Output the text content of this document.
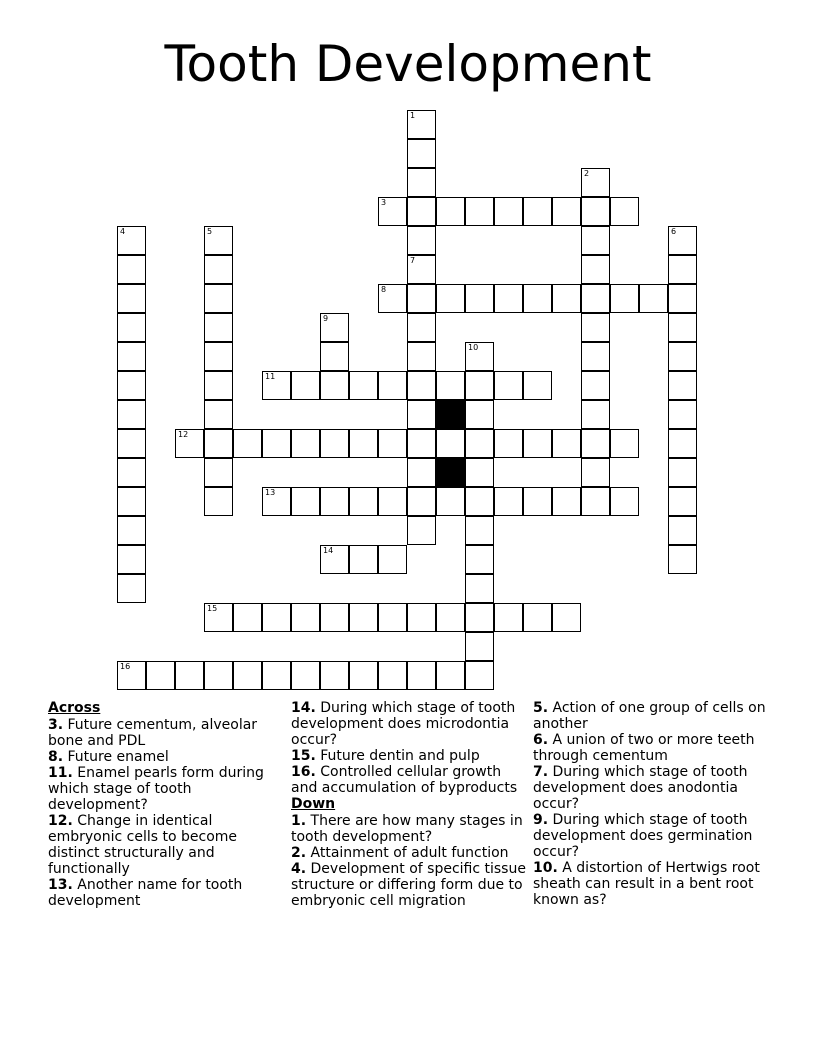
Tooth Development
3
8
11
12
13
14
15
16
1
2
4	5	6
7
9
10
Across
3. Future cementum, alveolar bone and PDL
8. Future enamel
11. Enamel pearls form during which stage of tooth development?
12. Change in identical embryonic cells to become distinct structurally and functionally
13. Another name for tooth development
14. During which stage of tooth development does microdontia occur?
15. Future dentin and pulp
16. Controlled cellular growth and accumulation of byproducts
Down
1. There are how many stages in tooth development?
2. Attainment of adult function
4. Development of specific tissue structure or differing form due to embryonic cell migration
5. Action of one group of cells on another
6. A union of two or more teeth through cementum
7. During which stage of tooth development does anodontia occur?
9. During which stage of tooth development does germination occur?
10. A distortion of Hertwigs root sheath can result in a bent root known as?
